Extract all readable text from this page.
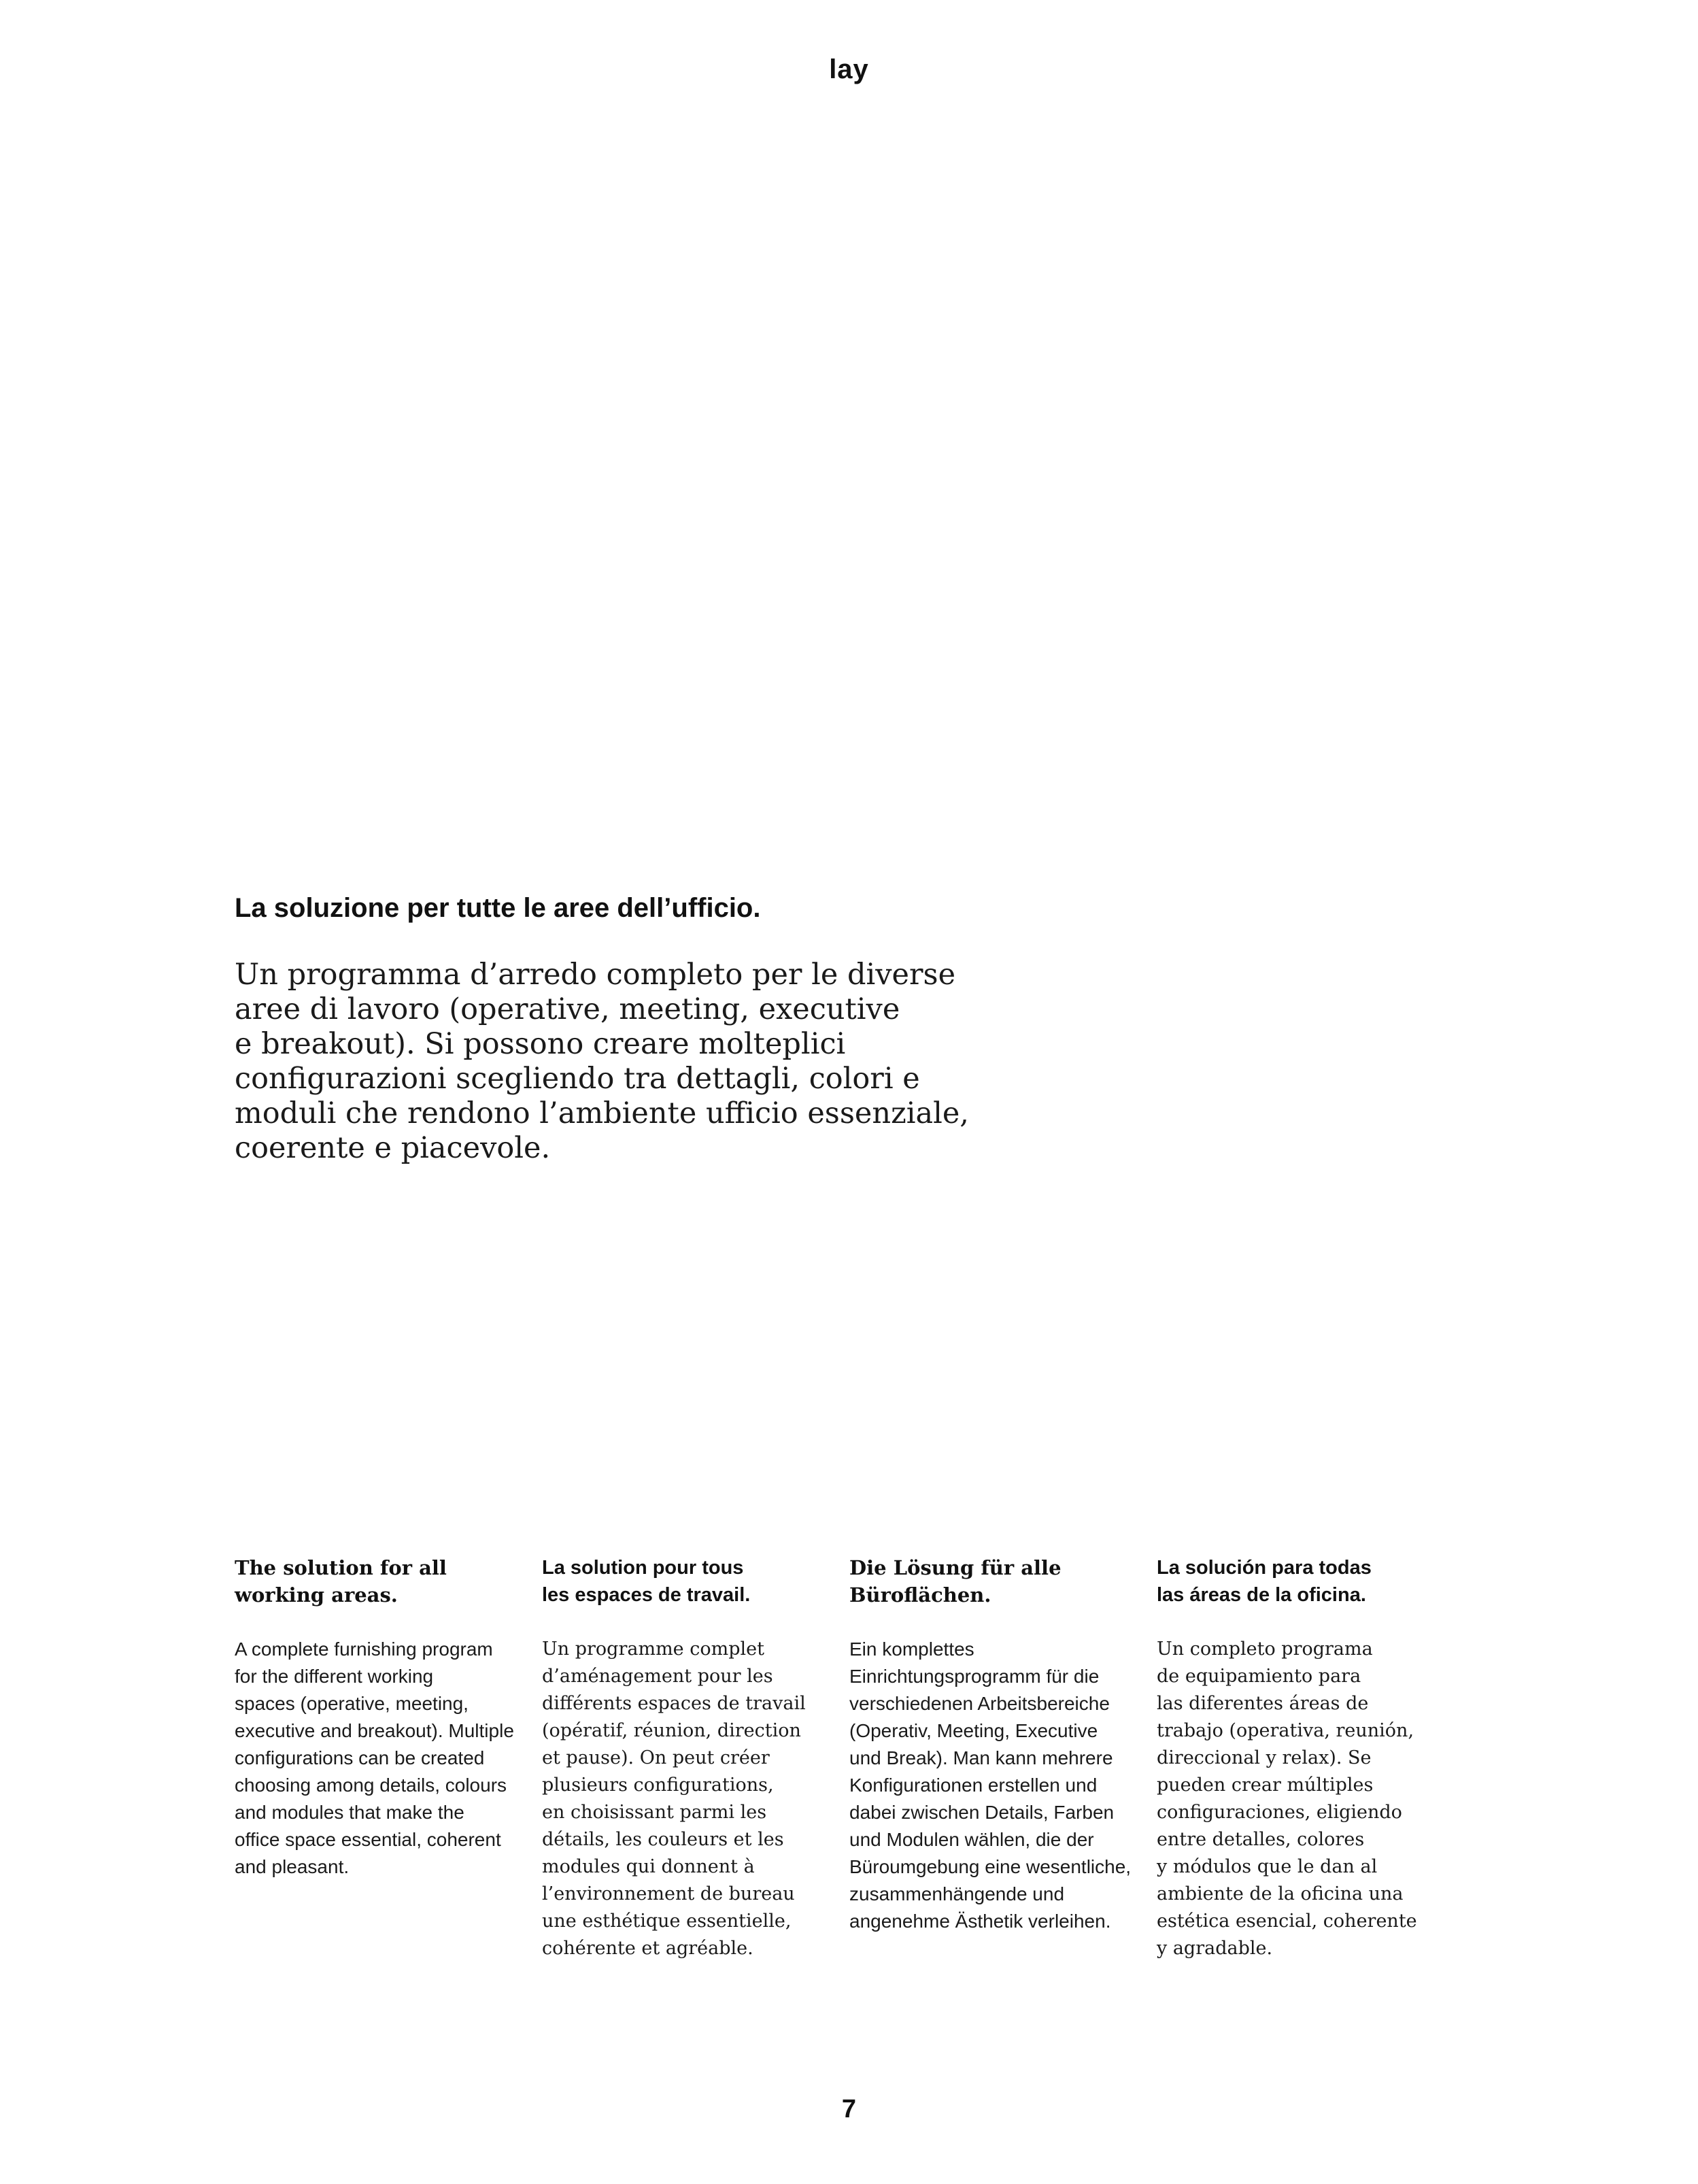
lay
La soluzione per tutte le aree dell’ufficio.

Un programma d’arredo completo per le diverse
aree di lavoro (operative, meeting, executive
e breakout). Si possono creare molteplici
configurazioni scegliendo tra dettagli, colori e
moduli che rendono l’ambiente ufficio essenziale,
coerente e piacevole.

The solution for all
working areas.

A complete furnishing program
for the different working
spaces (operative, meeting,
executive and breakout). Multiple
configurations can be created
choosing among details, colours
and modules that make the
office space essential, coherent
and pleasant.

La solution pour tous
les espaces de travail.

Un programme complet
d’aménagement pour les
différents espaces de travail
(opératif, réunion, direction
et pause). On peut créer
plusieurs configurations,
en choisissant parmi les
détails, les couleurs et les
modules qui donnent à
l’environnement de bureau
une esthétique essentielle,
cohérente et agréable.

Die Lösung für alle
Büroflächen.

Ein komplettes
Einrichtungsprogramm für die
verschiedenen Arbeitsbereiche
(Operativ, Meeting, Executive
und Break). Man kann mehrere
Konfigurationen erstellen und
dabei zwischen Details, Farben
und Modulen wählen, die der
Büroumgebung eine wesentliche,
zusammenhängende und
angenehme Ästhetik verleihen.

La solución para todas
las áreas de la oficina.

Un completo programa
de equipamiento para
las diferentes áreas de
trabajo (operativa, reunión,
direccional y relax). Se
pueden crear múltiples
configuraciones, eligiendo
entre detalles, colores
y módulos que le dan al
ambiente de la oficina una
estética esencial, coherente
y agradable.

7
